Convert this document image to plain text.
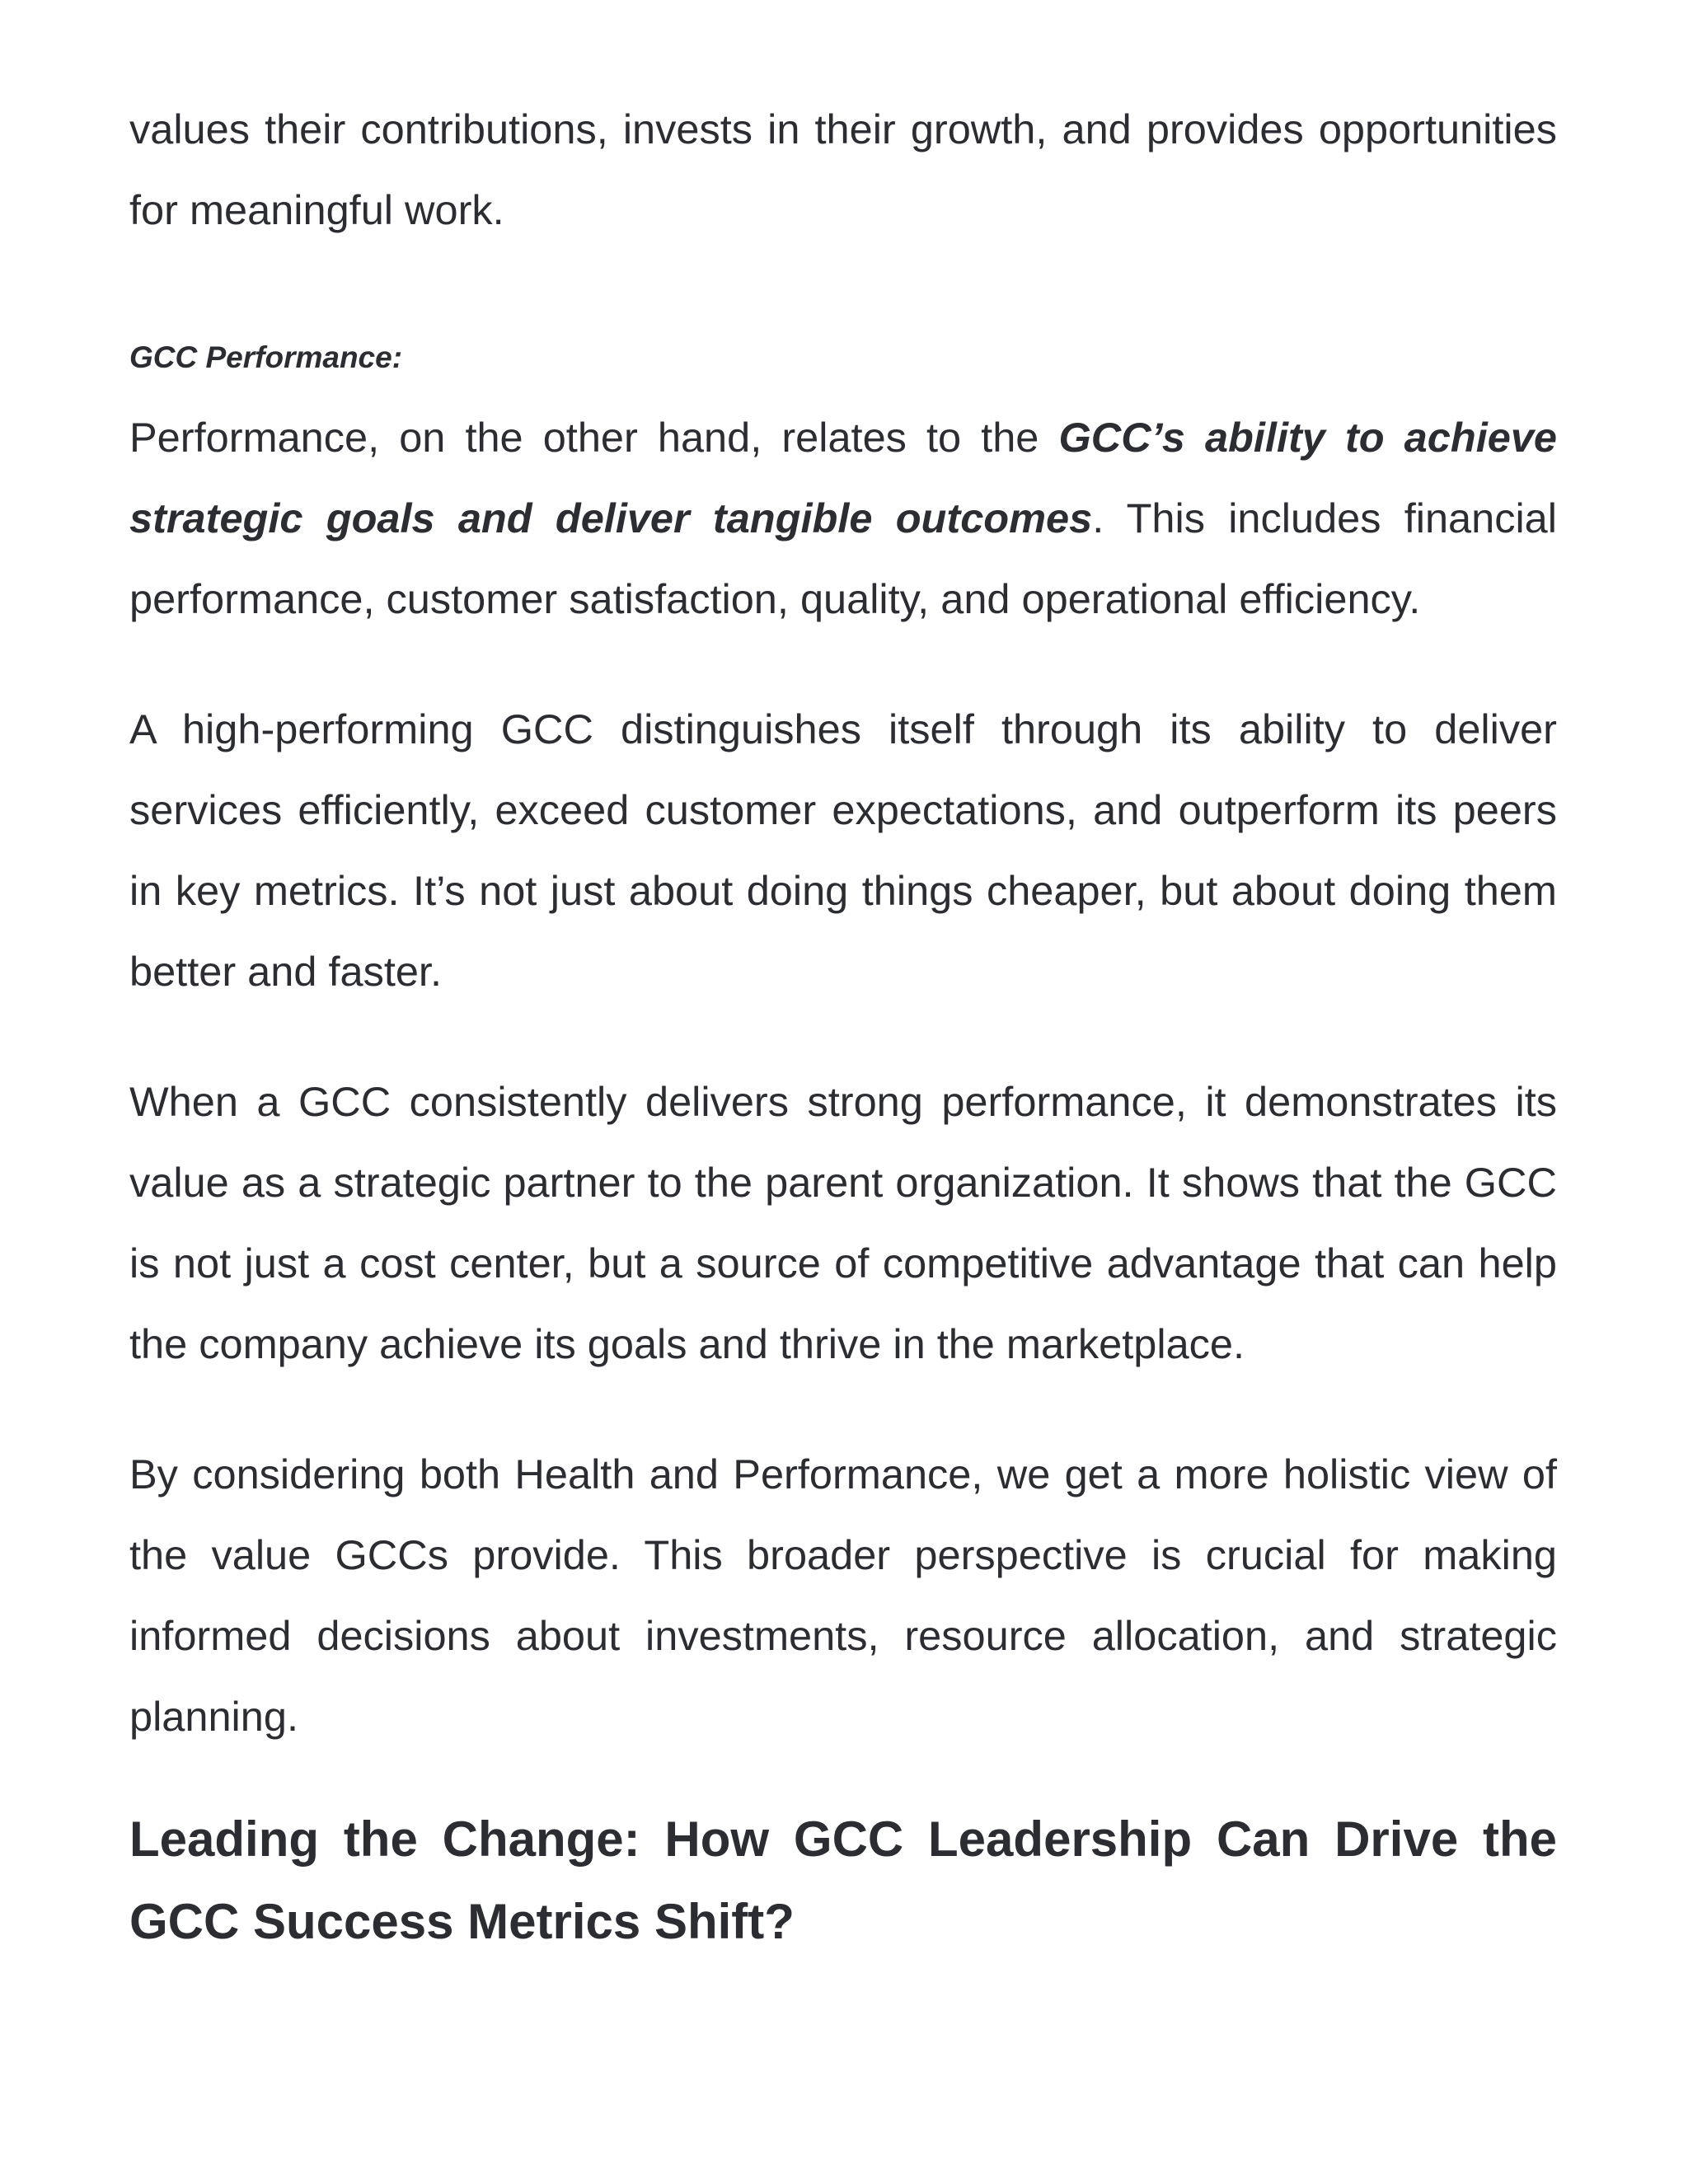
values their contributions, invests in their growth, and provides opportunities for meaningful work.

GCC Performance:

Performance, on the other hand, relates to the GCC’s ability to achieve strategic goals and deliver tangible outcomes. This includes financial performance, customer satisfaction, quality, and operational efficiency.

A high-performing GCC distinguishes itself through its ability to deliver services efficiently, exceed customer expectations, and outperform its peers in key metrics. It’s not just about doing things cheaper, but about doing them better and faster.

When a GCC consistently delivers strong performance, it demonstrates its value as a strategic partner to the parent organization. It shows that the GCC is not just a cost center, but a source of competitive advantage that can help the company achieve its goals and thrive in the marketplace.

By considering both Health and Performance, we get a more holistic view of the value GCCs provide. This broader perspective is crucial for making informed decisions about investments, resource allocation, and strategic planning.

Leading the Change: How GCC Leadership Can Drive the GCC Success Metrics Shift?
